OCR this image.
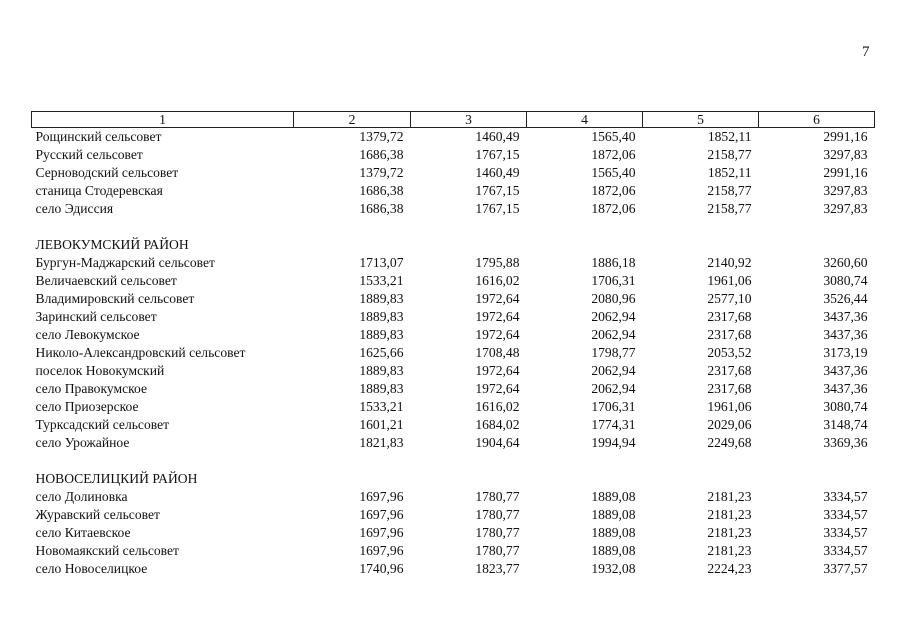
7
1	2	3	4	5	6
Рощинский сельсовет	1379,72	1460,49	1565,40	1852,11	2991,16
Русский сельсовет	1686,38	1767,15	1872,06	2158,77	3297,83
Серноводский сельсовет	1379,72	1460,49	1565,40	1852,11	2991,16
станица Стодеревская	1686,38	1767,15	1872,06	2158,77	3297,83
село Эдиссия	1686,38	1767,15	1872,06	2158,77	3297,83

ЛЕВОКУМСКИЙ РАЙОН					
Бургун-Маджарский сельсовет	1713,07	1795,88	1886,18	2140,92	3260,60
Величаевский сельсовет	1533,21	1616,02	1706,31	1961,06	3080,74
Владимировский сельсовет	1889,83	1972,64	2080,96	2577,10	3526,44
Заринский сельсовет	1889,83	1972,64	2062,94	2317,68	3437,36
село Левокумское	1889,83	1972,64	2062,94	2317,68	3437,36
Николо-Александровский сельсовет	1625,66	1708,48	1798,77	2053,52	3173,19
поселок Новокумский	1889,83	1972,64	2062,94	2317,68	3437,36
село Правокумское	1889,83	1972,64	2062,94	2317,68	3437,36
село Приозерское	1533,21	1616,02	1706,31	1961,06	3080,74
Турксадский сельсовет	1601,21	1684,02	1774,31	2029,06	3148,74
село Урожайное	1821,83	1904,64	1994,94	2249,68	3369,36

НОВОСЕЛИЦКИЙ РАЙОН					
село Долиновка	1697,96	1780,77	1889,08	2181,23	3334,57
Журавский сельсовет	1697,96	1780,77	1889,08	2181,23	3334,57
село Китаевское	1697,96	1780,77	1889,08	2181,23	3334,57
Новомаякский сельсовет	1697,96	1780,77	1889,08	2181,23	3334,57
село Новоселицкое	1740,96	1823,77	1932,08	2224,23	3377,57
